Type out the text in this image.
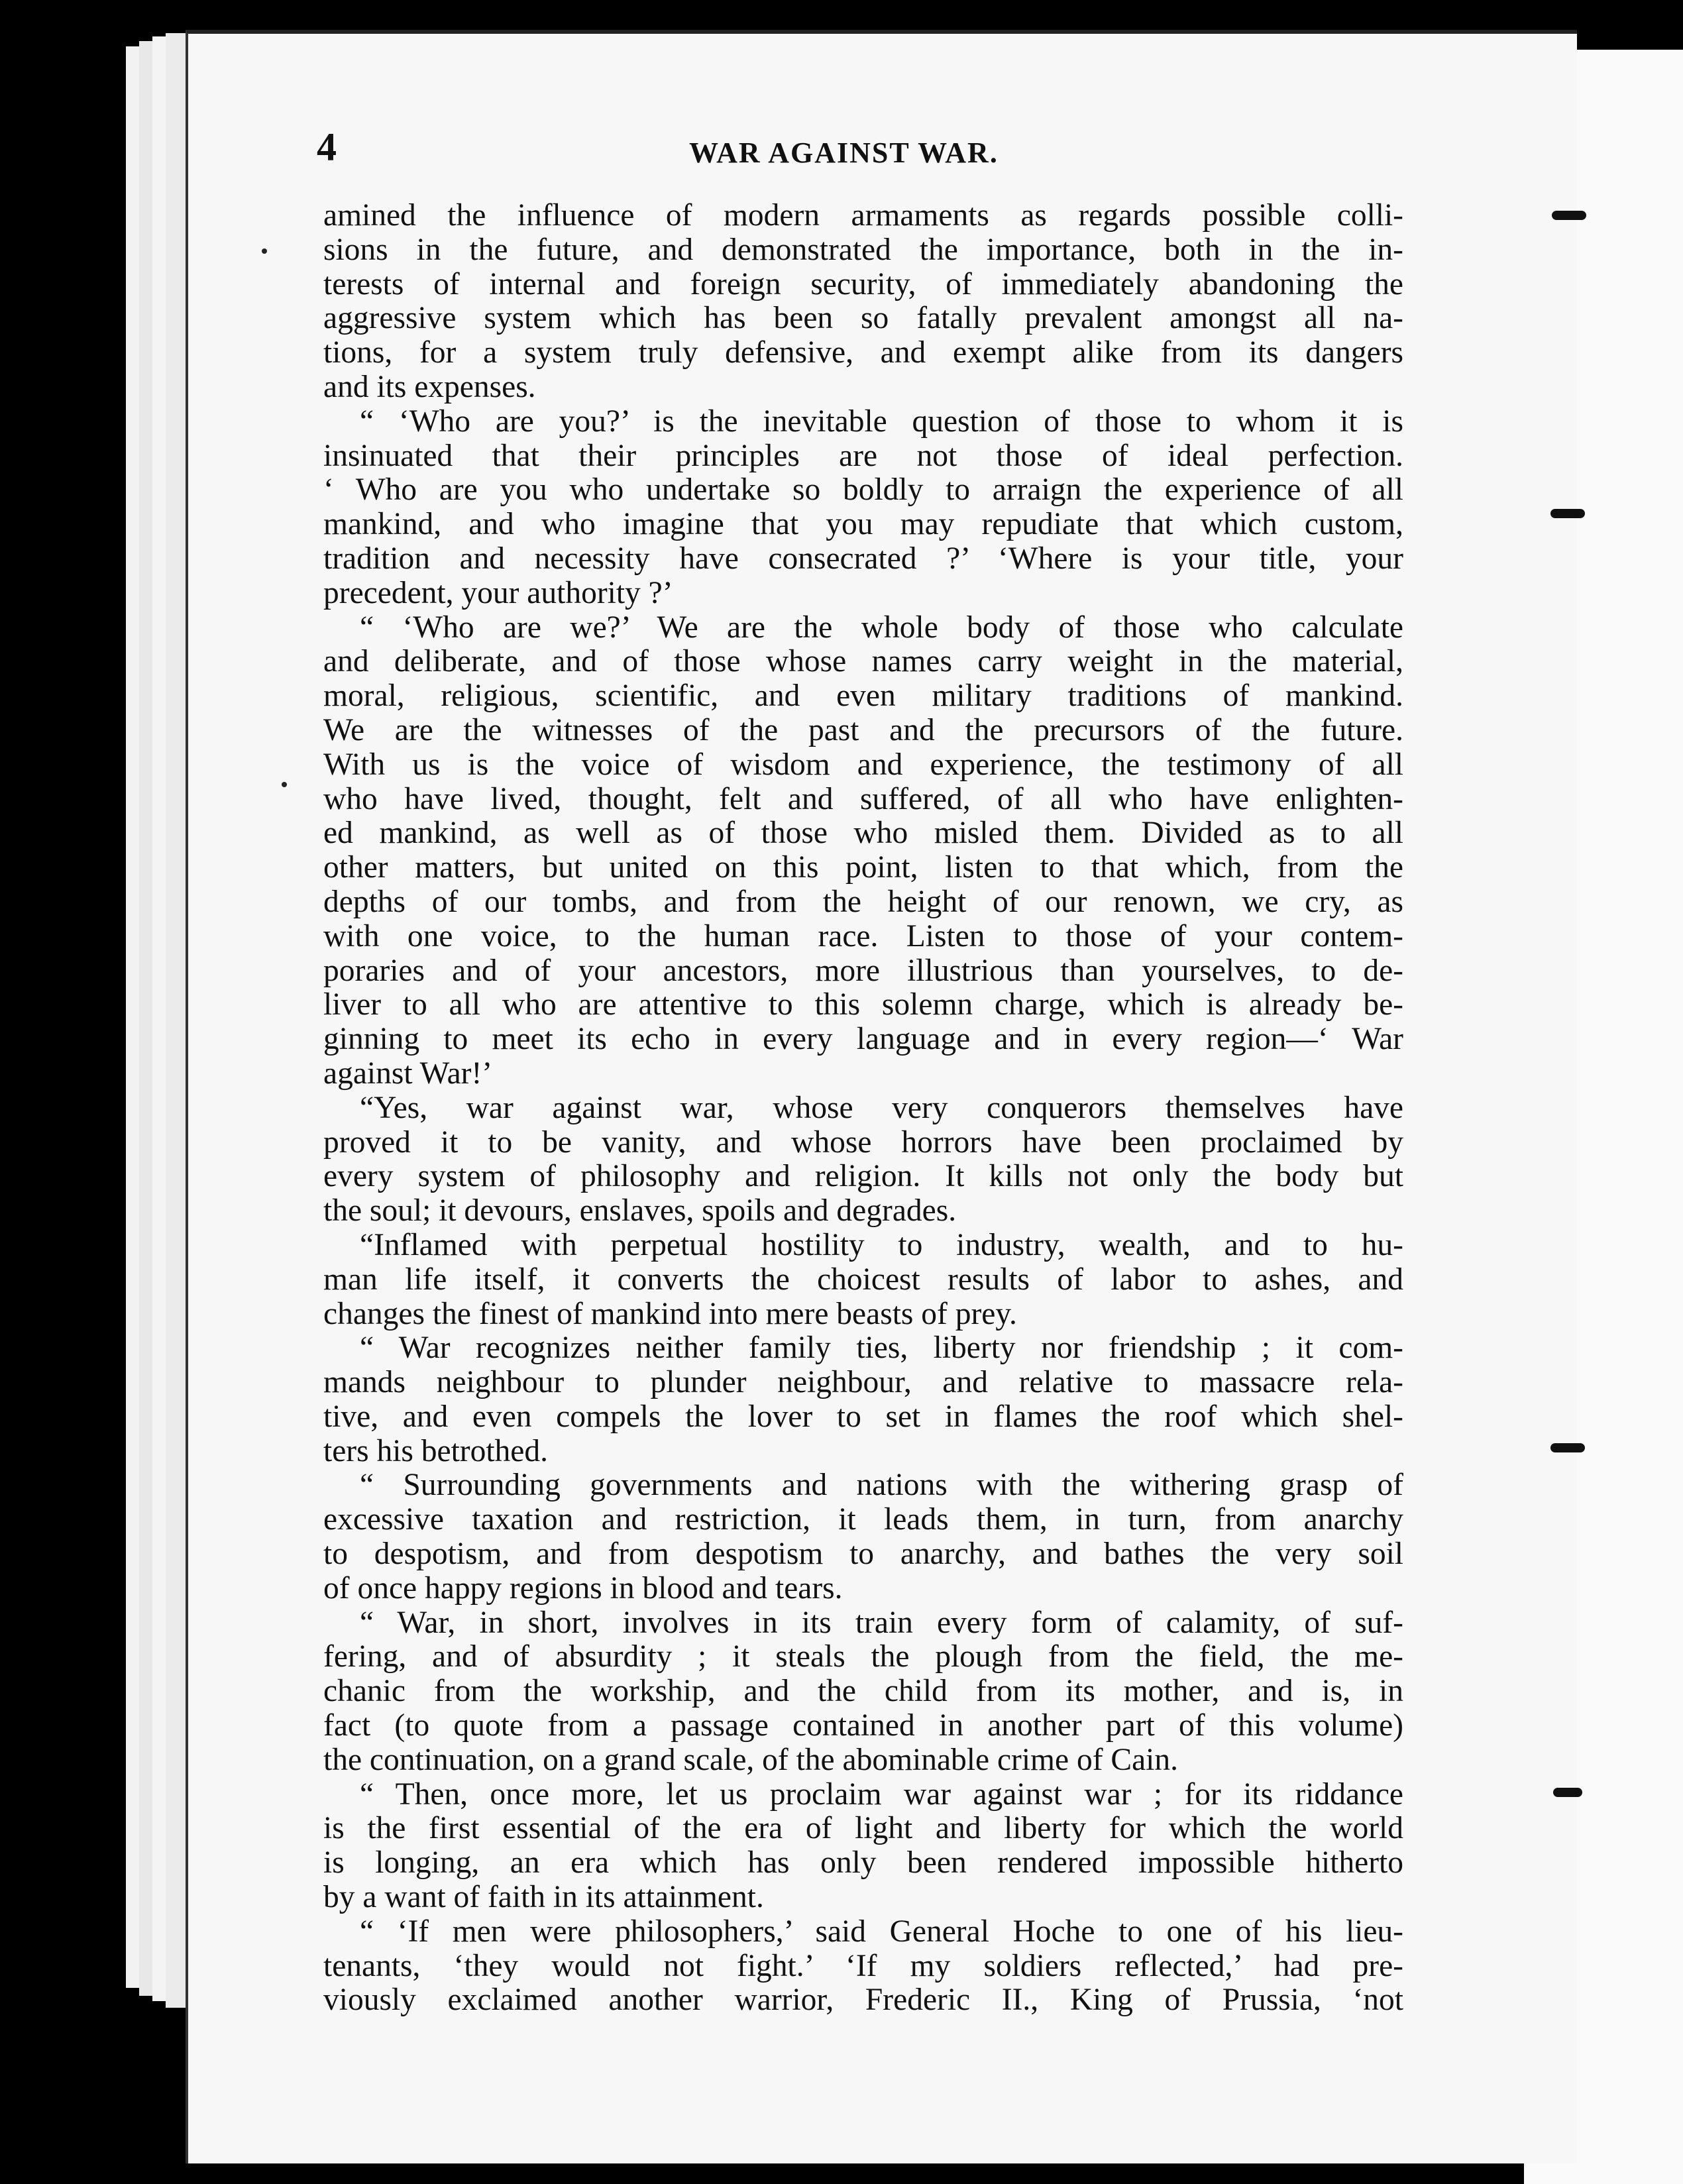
4	WAR AGAINST WAR.
amined the influence of modern armaments as regards possible colli-
sions in the future, and demonstrated the importance, both in the in-
terests of internal and foreign security, of immediately abandoning the
aggressive system which has been so fatally prevalent amongst all na-
tions, for a system truly defensive, and exempt alike from its dangers
and its expenses.
“ ‘Who are you?’ is the inevitable question of those to whom it is
insinuated that their principles are not those of ideal perfection.
‘ Who are you who undertake so boldly to arraign the experience of all
mankind, and who imagine that you may repudiate that which custom,
tradition and necessity have consecrated ?’ ‘Where is your title, your
precedent, your authority ?’
“ ‘Who are we?’ We are the whole body of those who calculate
and deliberate, and of those whose names carry weight in the material,
moral, religious, scientific, and even military traditions of mankind.
We are the witnesses of the past and the precursors of the future.
With us is the voice of wisdom and experience, the testimony of all
who have lived, thought, felt and suffered, of all who have enlighten-
ed mankind, as well as of those who misled them. Divided as to all
other matters, but united on this point, listen to that which, from the
depths of our tombs, and from the height of our renown, we cry, as
with one voice, to the human race. Listen to those of your contem-
poraries and of your ancestors, more illustrious than yourselves, to de-
liver to all who are attentive to this solemn charge, which is already be-
ginning to meet its echo in every language and in every region—‘ War
against War!’
“Yes, war against war, whose very conquerors themselves have
proved it to be vanity, and whose horrors have been proclaimed by
every system of philosophy and religion. It kills not only the body but
the soul; it devours, enslaves, spoils and degrades.
“Inflamed with perpetual hostility to industry, wealth, and to hu-
man life itself, it converts the choicest results of labor to ashes, and
changes the finest of mankind into mere beasts of prey.
“ War recognizes neither family ties, liberty nor friendship ; it com-
mands neighbour to plunder neighbour, and relative to massacre rela-
tive, and even compels the lover to set in flames the roof which shel-
ters his betrothed.
“ Surrounding governments and nations with the withering grasp of
excessive taxation and restriction, it leads them, in turn, from anarchy
to despotism, and from despotism to anarchy, and bathes the very soil
of once happy regions in blood and tears.
“ War, in short, involves in its train every form of calamity, of suf-
fering, and of absurdity ; it steals the plough from the field, the me-
chanic from the workship, and the child from its mother, and is, in
fact (to quote from a passage contained in another part of this volume)
the continuation, on a grand scale, of the abominable crime of Cain.
“ Then, once more, let us proclaim war against war ; for its riddance
is the first essential of the era of light and liberty for which the world
is longing, an era which has only been rendered impossible hitherto
by a want of faith in its attainment.
“ ‘If men were philosophers,’ said General Hoche to one of his lieu-
tenants, ‘they would not fight.’ ‘If my soldiers reflected,’ had pre-
viously exclaimed another warrior, Frederic II., King of Prussia, ‘not
